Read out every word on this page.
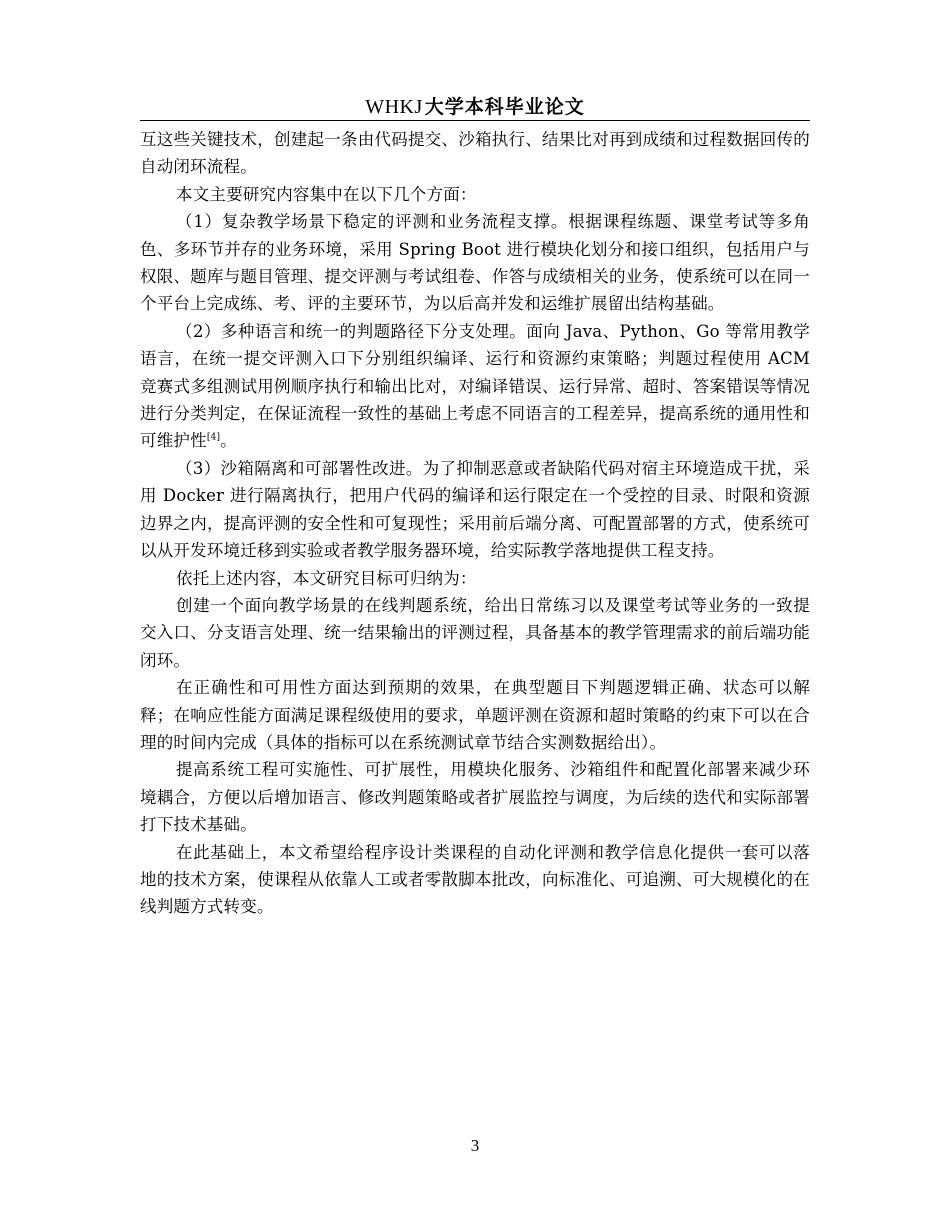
WHKJ 大学本科毕业论文

互这些关键技术，创建起一条由代码提交、沙箱执行、结果比对再到成绩和过程数据回传的自动闭环流程。

本文主要研究内容集中在以下几个方面：

（1）复杂教学场景下稳定的评测和业务流程支撑。根据课程练题、课堂考试等多角色、多环节并存的业务环境，采用 Spring Boot 进行模块化划分和接口组织，包括用户与权限、题库与题目管理、提交评测与考试组卷、作答与成绩相关的业务，使系统可以在同一个平台上完成练、考、评的主要环节，为以后高并发和运维扩展留出结构基础。

（2）多种语言和统一的判题路径下分支处理。面向 Java、Python、Go 等常用教学语言，在统一提交评测入口下分别组织编译、运行和资源约束策略；判题过程使用 ACM 竞赛式多组测试用例顺序执行和输出比对，对编译错误、运行异常、超时、答案错误等情况进行分类判定，在保证流程一致性的基础上考虑不同语言的工程差异，提高系统的通用性和可维护性[4]。

（3）沙箱隔离和可部署性改进。为了抑制恶意或者缺陷代码对宿主环境造成干扰，采用 Docker 进行隔离执行，把用户代码的编译和运行限定在一个受控的目录、时限和资源边界之内，提高评测的安全性和可复现性；采用前后端分离、可配置部署的方式，使系统可以从开发环境迁移到实验或者教学服务器环境，给实际教学落地提供工程支持。

依托上述内容，本文研究目标可归纳为：

创建一个面向教学场景的在线判题系统，给出日常练习以及课堂考试等业务的一致提交入口、分支语言处理、统一结果输出的评测过程，具备基本的教学管理需求的前后端功能闭环。

在正确性和可用性方面达到预期的效果，在典型题目下判题逻辑正确、状态可以解释；在响应性能方面满足课程级使用的要求，单题评测在资源和超时策略的约束下可以在合理的时间内完成（具体的指标可以在系统测试章节结合实测数据给出）。

提高系统工程可实施性、可扩展性，用模块化服务、沙箱组件和配置化部署来减少环境耦合，方便以后增加语言、修改判题策略或者扩展监控与调度，为后续的迭代和实际部署打下技术基础。

在此基础上，本文希望给程序设计类课程的自动化评测和教学信息化提供一套可以落地的技术方案，使课程从依靠人工或者零散脚本批改，向标准化、可追溯、可大规模化的在线判题方式转变。

3
